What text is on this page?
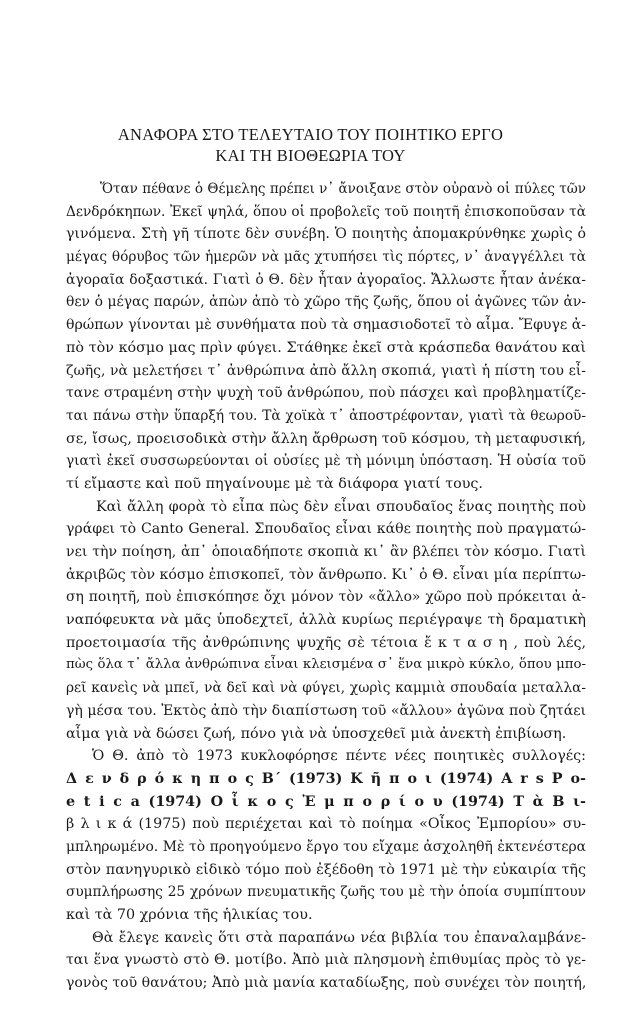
ΑΝΑΦΟΡΑ ΣΤΟ ΤΕΛΕΥΤΑΙΟ ΤΟΥ ΠΟΙΗΤΙΚΟ ΕΡΓΟ
ΚΑΙ ΤΗ ΒΙΟΘΕΩΡΙΑ ΤΟΥ
Ὅταν πέθανε ὁ Θέμελης πρέπει ν᾽ ἄνοιξανε στὸν οὐρανὸ οἱ πύλες τῶν
Δενδρόκηπων. Ἐκεῖ ψηλά, ὅπου οἱ προβολεῖς τοῦ ποιητῆ ἐπισκοποῦσαν τὰ
γινόμενα. Στὴ γῆ τίποτε δὲν συνέβη. Ὁ ποιητὴς ἀπομακρύνθηκε χωρὶς ὁ
μέγας θόρυβος τῶν ἡμερῶν νὰ μᾶς χτυπήσει τὶς πόρτες, ν᾽ ἀναγγέλλει τὰ
ἀγοραῖα δοξαστικά. Γιατὶ ὁ Θ. δὲν ἦταν ἀγοραῖος. Ἄλλωστε ἦταν ἀνέκα-
θεν ὁ μέγας παρών, ἀπὼν ἀπὸ τὸ χῶρο τῆς ζωῆς, ὅπου οἱ ἀγῶνες τῶν ἀν-
θρώπων γίνονται μὲ συνθήματα ποὺ τὰ σημασιοδοτεῖ τὸ αἷμα. Ἔφυγε ἀ-
πὸ τὸν κόσμο μας πρὶν φύγει. Στάθηκε ἐκεῖ στὰ κράσπεδα θανάτου καὶ
ζωῆς, νὰ μελετήσει τ᾽ ἀνθρώπινα ἀπὸ ἄλλη σκοπιά, γιατὶ ἡ πίστη του εἶ-
τανε στραμένη στὴν ψυχὴ τοῦ ἀνθρώπου, ποὺ πάσχει καὶ προβληματίζε-
ται πάνω στὴν ὕπαρξή του. Τὰ χοϊκὰ τ᾽ ἀποστρέφονταν, γιατὶ τὰ θεωροῦ-
σε, ἴσως, προεισοδικὰ στὴν ἄλλη ἄρθρωση τοῦ κόσμου, τὴ μεταφυσική,
γιατὶ ἐκεῖ συσσωρεύονται οἱ οὐσίες μὲ τὴ μόνιμη ὑπόσταση. Ἡ οὐσία τοῦ
τί εἴμαστε καὶ ποῦ πηγαίνουμε μὲ τὰ διάφορα γιατί τους.
Καὶ ἄλλη φορὰ τὸ εἶπα πὼς δὲν εἶναι σπουδαῖος ἕνας ποιητὴς ποὺ
γράφει τὸ Canto General. Σπουδαῖος εἶναι κάθε ποιητὴς ποὺ πραγματώ-
νει τὴν ποίηση, ἀπ᾽ ὁποιαδήποτε σκοπιὰ κι᾽ ἂν βλέπει τὸν κόσμο. Γιατὶ
ἀκριβῶς τὸν κόσμο ἐπισκοπεῖ, τὸν ἄνθρωπο. Κι᾽ ὁ Θ. εἶναι μία περίπτω-
ση ποιητῆ, ποὺ ἐπισκόπησε ὄχι μόνον τὸν «ἄλλο» χῶρο ποὺ πρόκειται ἀ-
ναπόφευκτα νὰ μᾶς ὑποδεχτεῖ, ἀλλὰ κυρίως περιέγραψε τὴ δραματικὴ
προετοιμασία τῆς ἀνθρώπινης ψυχῆς σὲ τέτοια ἔ κ τ α σ η , ποὺ λές,
πὼς ὅλα τ᾽ ἄλλα ἀνθρώπινα εἶναι κλεισμένα σ᾽ ἕνα μικρὸ κύκλο, ὅπου μπο-
ρεῖ κανεὶς νὰ μπεῖ, νὰ δεῖ καὶ νὰ φύγει, χωρὶς καμμιὰ σπουδαία μεταλλα-
γὴ μέσα του. Ἐκτὸς ἀπὸ τὴν διαπίστωση τοῦ «ἄλλου» ἀγῶνα ποὺ ζητάει
αἷμα γιὰ νὰ δώσει ζωή, πόνο γιὰ νὰ ὑποσχεθεῖ μιὰ ἀνεκτὴ ἐπιβίωση.
Ὁ Θ. ἀπὸ τὸ 1973 κυκλοφόρησε πέντε νέες ποιητικὲς συλλογές:
Δ ε ν δ ρ ό κ η π ο ς Β΄ (1973) Κ ῆ π ο ι (1974) A r s P o-
e t i c a (1974) Ο ἶ κ ο ς Ἐ μ π ο ρ ί ο υ (1974) Τ ὰ Β ι-
β λ ι κ ά (1975) ποὺ περιέχεται καὶ τὸ ποίημα «Οἶκος Ἐμπορίου» συ-
μπληρωμένο. Μὲ τὸ προηγούμενο ἔργο του εἴχαμε ἀσχοληθῆ ἐκτενέστερα
στὸν πανηγυρικὸ εἰδικὸ τόμο ποὺ ἐξέδοθη τὸ 1971 μὲ τὴν εὐκαιρία τῆς
συμπλήρωσης 25 χρόνων πνευματικῆς ζωῆς του μὲ τὴν ὁποία συμπίπτουν
καὶ τὰ 70 χρόνια τῆς ἡλικίας του.
Θὰ ἔλεγε κανεὶς ὅτι στὰ παραπάνω νέα βιβλία του ἐπαναλαμβάνε-
ται ἕνα γνωστὸ στὸ Θ. μοτίβο. Ἀπὸ μιὰ πλησμονὴ ἐπιθυμίας πρὸς τὸ γε-
γονὸς τοῦ θανάτου; Ἀπὸ μιὰ μανία καταδίωξης, ποὺ συνέχει τὸν ποιητή,
